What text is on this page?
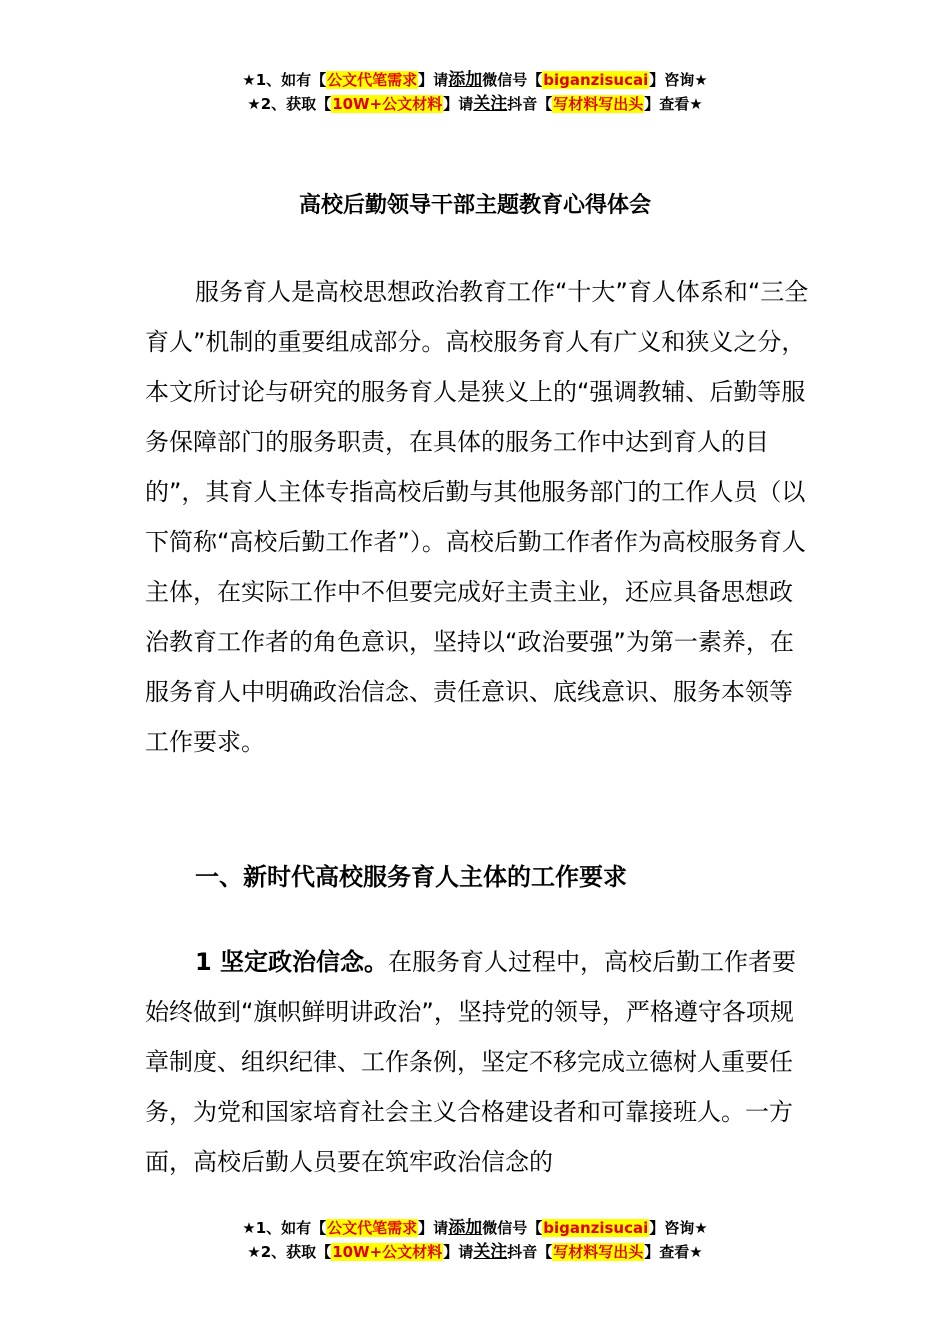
★1、如有【公文代笔需求】请添加微信号【biganzisucai】咨询★
★2、获取【10W+公文材料】请关注抖音【写材料写出头】查看★
高校后勤领导干部主题教育心得体会
服务育人是高校思想政治教育工作“十大”育人体系和“三全育人”机制的重要组成部分。高校服务育人有广义和狭义之分，本文所讨论与研究的服务育人是狭义上的“强调教辅、后勤等服务保障部门的服务职责，在具体的服务工作中达到育人的目的”，其育人主体专指高校后勤与其他服务部门的工作人员（以下简称“高校后勤工作者”）。高校后勤工作者作为高校服务育人主体，在实际工作中不但要完成好主责主业，还应具备思想政治教育工作者的角色意识，坚持以“政治要强”为第一素养，在服务育人中明确政治信念、责任意识、底线意识、服务本领等工作要求。
一、新时代高校服务育人主体的工作要求
1 坚定政治信念。在服务育人过程中，高校后勤工作者要始终做到“旗帜鲜明讲政治”，坚持党的领导，严格遵守各项规章制度、组织纪律、工作条例，坚定不移完成立德树人重要任务，为党和国家培育社会主义合格建设者和可靠接班人。一方面，高校后勤人员要在筑牢政治信念的
★1、如有【公文代笔需求】请添加微信号【biganzisucai】咨询★
★2、获取【10W+公文材料】请关注抖音【写材料写出头】查看★
